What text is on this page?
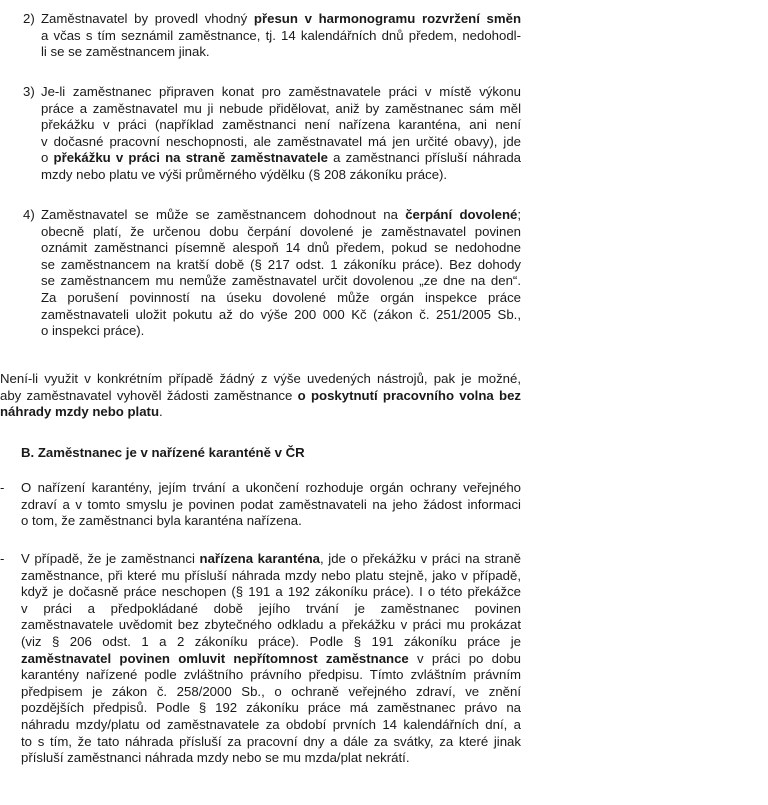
2) Zaměstnavatel by provedl vhodný přesun v harmonogramu rozvržení směn
a včas s tím seznámil zaměstnance, tj. 14 kalendářních dnů předem, nedohodl-
li se se zaměstnancem jinak.
3) Je-li zaměstnanec připraven konat pro zaměstnavatele práci v místě výkonu
práce a zaměstnavatel mu ji nebude přidělovat, aniž by zaměstnanec sám měl
překážku v práci (například zaměstnanci není nařízena karanténa, ani není
v dočasné pracovní neschopnosti, ale zaměstnavatel má jen určité obavy), jde
o překážku v práci na straně zaměstnavatele a zaměstnanci přísluší náhrada
mzdy nebo platu ve výši průměrného výdělku (§ 208 zákoníku práce).
4) Zaměstnavatel se může se zaměstnancem dohodnout na čerpání dovolené;
obecně platí, že určenou dobu čerpání dovolené je zaměstnavatel povinen
oznámit zaměstnanci písemně alespoň 14 dnů předem, pokud se nedohodne
se zaměstnancem na kratší době (§ 217 odst. 1 zákoníku práce). Bez dohody
se zaměstnancem mu nemůže zaměstnavatel určit dovolenou „ze dne na den“.
Za porušení povinností na úseku dovolené může orgán inspekce práce
zaměstnavateli uložit pokutu až do výše 200 000 Kč (zákon č. 251/2005 Sb.,
o inspekci práce).
Není-li využit v konkrétním případě žádný z výše uvedených nástrojů, pak je možné,
aby zaměstnavatel vyhověl žádosti zaměstnance o poskytnutí pracovního volna bez
náhrady mzdy nebo platu.
B. Zaměstnanec je v nařízené karanténě v ČR
-	O nařízení karantény, jejím trvání a ukončení rozhoduje orgán ochrany veřejného
zdraví a v tomto smyslu je povinen podat zaměstnavateli na jeho žádost informaci
o tom, že zaměstnanci byla karanténa nařízena.
-	V případě, že je zaměstnanci nařízena karanténa, jde o překážku v práci na straně
zaměstnance, při které mu přísluší náhrada mzdy nebo platu stejně, jako v případě,
když je dočasně práce neschopen (§ 191 a 192 zákoníku práce). I o této překážce
v práci a předpokládané době jejího trvání je zaměstnanec povinen
zaměstnavatele uvědomit bez zbytečného odkladu a překážku v práci mu prokázat
(viz § 206 odst. 1 a 2 zákoníku práce). Podle § 191 zákoníku práce je
zaměstnavatel povinen omluvit nepřítomnost zaměstnance v práci po dobu
karantény nařízené podle zvláštního právního předpisu. Tímto zvláštním právním
předpisem je zákon č. 258/2000 Sb., o ochraně veřejného zdraví, ve znění
pozdějších předpisů. Podle § 192 zákoníku práce má zaměstnanec právo na
náhradu mzdy/platu od zaměstnavatele za období prvních 14 kalendářních dní, a
to s tím, že tato náhrada přísluší za pracovní dny a dále za svátky, za které jinak
přísluší zaměstnanci náhrada mzdy nebo se mu mzda/plat nekrátí.
